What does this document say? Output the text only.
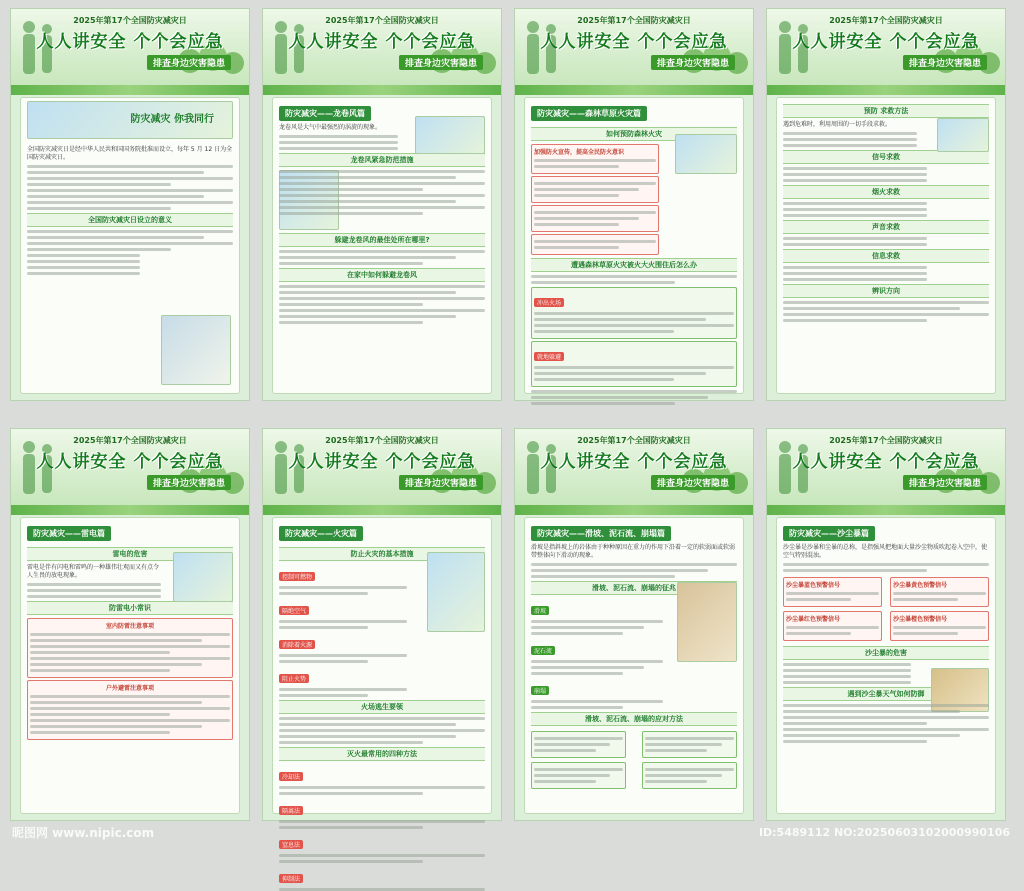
2025年第17个全国防灾减灾日
人人讲安全 个个会应急
排查身边灾害隐患
防灾减灾 你我同行
全国防灾减灾日是经中华人民共和国国务院批准而设立，每年 5 月 12 日为全国防灾减灾日。
全国防灾减灾日设立的意义
2025年第17个全国防灾减灾日
人人讲安全 个个会应急
排查身边灾害隐患
防灾减灾——龙卷风篇
龙卷风是大气中最强烈的涡旋的现象。
龙卷风紧急防范措施
躲避龙卷风的最佳处所在哪里?
在家中如何躲避龙卷风
2025年第17个全国防灾减灾日
人人讲安全 个个会应急
排查身边灾害隐患
防灾减灾——森林草原火灾篇
如何预防森林火灾
加强防火宣传，提高全民防火意识
遭遇森林草原火灾被火大火围住后怎么办
冲出火场
就地躲避
2025年第17个全国防灾减灾日
人人讲安全 个个会应急
排查身边灾害隐患
预防 求救方法
遇到危难时，利用周围的一切手段求救。
信号求救
烟火求救
声音求救
信息求救
辨识方向
2025年第17个全国防灾减灾日
人人讲安全 个个会应急
排查身边灾害隐患
防灾减灾——雷电篇
雷电的危害
雷电是伴有闪电和雷鸣的一种雄伟壮观而又有点令人生畏的放电现象。
防雷电小常识
室内防雷注意事项
户外避雷注意事项
2025年第17个全国防灾减灾日
人人讲安全 个个会应急
排查身边灾害隐患
防灾减灾——火灾篇
防止火灾的基本措施
控制可燃物
隔绝空气
消除着火源
阻止火势
火场逃生要领
灭火最常用的四种方法
冷却法
隔离法
窒息法
抑制法
2025年第17个全国防灾减灾日
人人讲安全 个个会应急
排查身边灾害隐患
防灾减灾——滑坡、泥石流、崩塌篇
滑坡是指斜坡上的岩体由于种种原因在重力的作用下沿着一定的软弱面或软弱带整体向下滑动的现象。
滑坡、泥石流、崩塌的征兆
滑坡
泥石流
崩塌
滑坡、泥石流、崩塌的应对方法
2025年第17个全国防灾减灾日
人人讲安全 个个会应急
排查身边灾害隐患
防灾减灾——沙尘暴篇
沙尘暴是沙暴和尘暴的总称，是指强风把地面大量沙尘物质吹起卷入空中，使空气特别混浊。
沙尘暴蓝色预警信号	沙尘暴黄色预警信号
沙尘暴红色预警信号	沙尘暴橙色预警信号
沙尘暴的危害
遇到沙尘暴天气如何防御
昵图网 www.nipic.com	ID:5489112 NO:20250603102000990106
